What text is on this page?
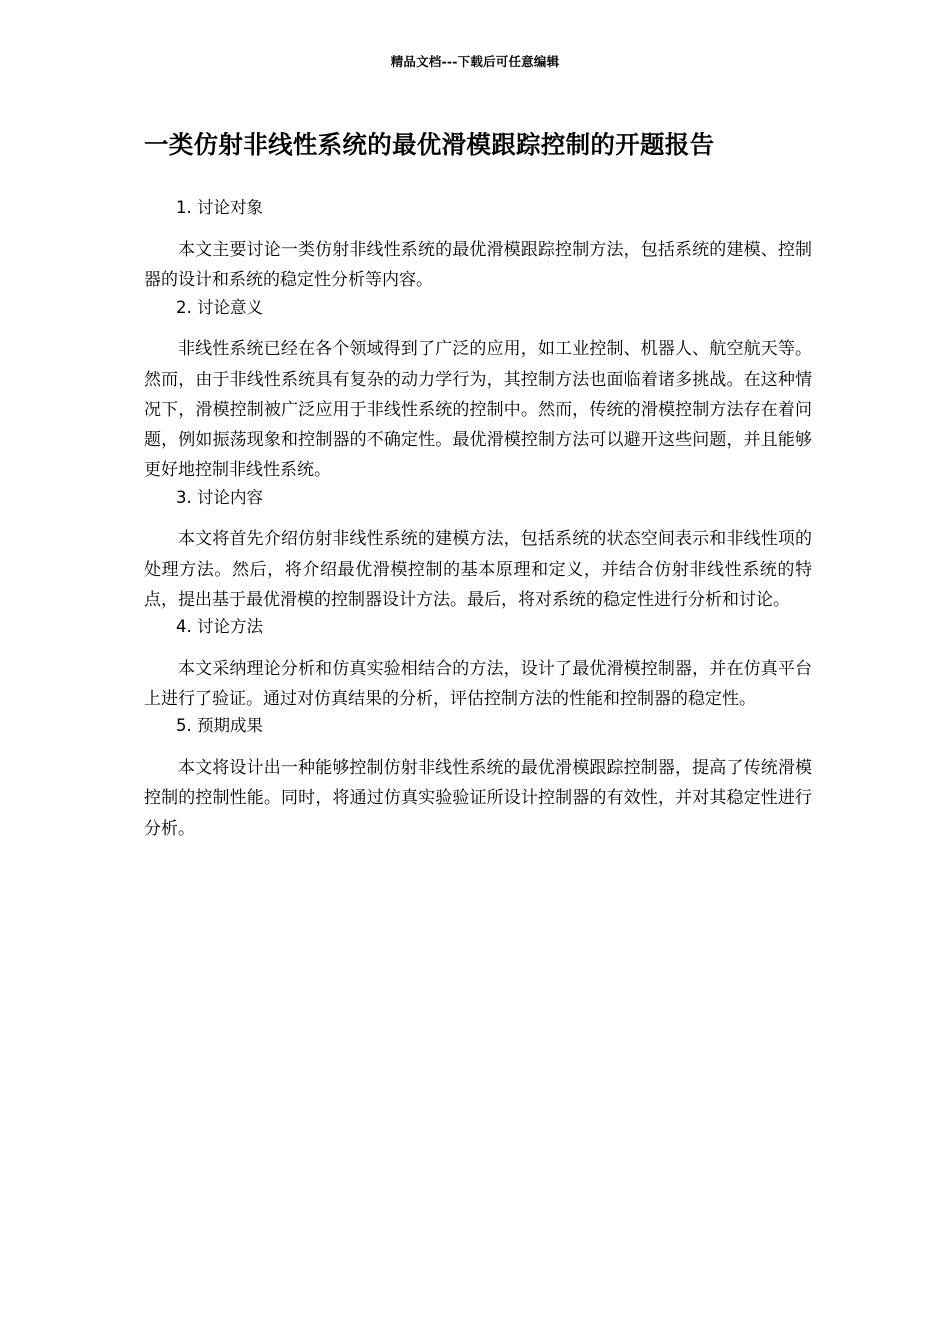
精品文档---下载后可任意编辑
一类仿射非线性系统的最优滑模跟踪控制的开题报告

1. 讨论对象

本文主要讨论一类仿射非线性系统的最优滑模跟踪控制方法，包括系统的建模、控制器的设计和系统的稳定性分析等内容。

2. 讨论意义

非线性系统已经在各个领域得到了广泛的应用，如工业控制、机器人、航空航天等。然而，由于非线性系统具有复杂的动力学行为，其控制方法也面临着诸多挑战。在这种情况下，滑模控制被广泛应用于非线性系统的控制中。然而，传统的滑模控制方法存在着问题，例如振荡现象和控制器的不确定性。最优滑模控制方法可以避开这些问题，并且能够更好地控制非线性系统。

3. 讨论内容

本文将首先介绍仿射非线性系统的建模方法，包括系统的状态空间表示和非线性项的处理方法。然后，将介绍最优滑模控制的基本原理和定义，并结合仿射非线性系统的特点，提出基于最优滑模的控制器设计方法。最后，将对系统的稳定性进行分析和讨论。

4. 讨论方法

本文采纳理论分析和仿真实验相结合的方法，设计了最优滑模控制器，并在仿真平台上进行了验证。通过对仿真结果的分析，评估控制方法的性能和控制器的稳定性。

5. 预期成果

本文将设计出一种能够控制仿射非线性系统的最优滑模跟踪控制器，提高了传统滑模控制的控制性能。同时，将通过仿真实验验证所设计控制器的有效性，并对其稳定性进行分析。
